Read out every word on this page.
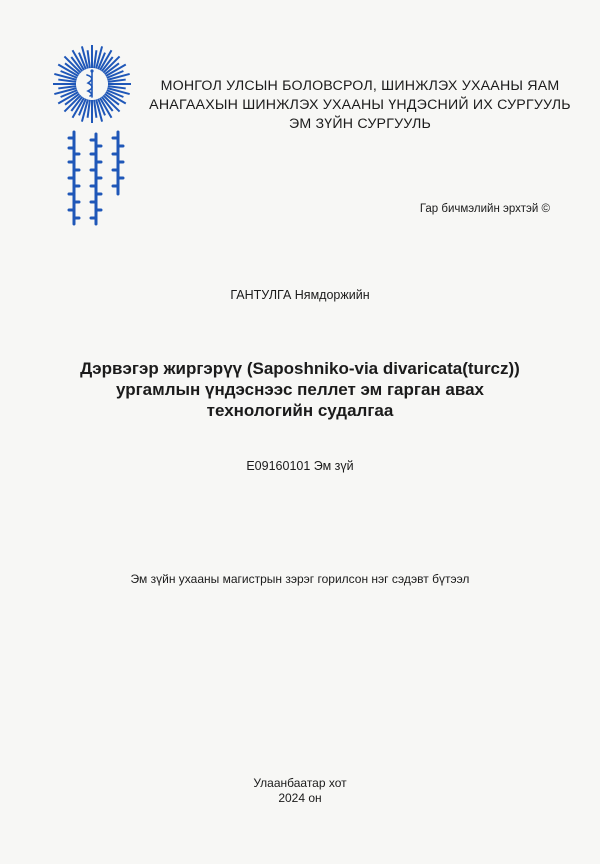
МОНГОЛ УЛСЫН БОЛОВСРОЛ, ШИНЖЛЭХ УХААНЫ ЯАМ
АНАГААХЫН ШИНЖЛЭХ УХААНЫ ҮНДЭСНИЙ ИХ СУРГУУЛЬ
ЭМ ЗҮЙН СУРГУУЛЬ
Гар бичмэлийн эрхтэй ©
ГАНТУЛГА Нямдоржийн
Дэрвэгэр жиргэрүү (Saposhniko-via divaricata(turcz))
ургамлын үндэснээс пеллет эм гарган авах
технологийн судалгаа
E09160101 Эм зүй
Эм зүйн ухааны магистрын зэрэг горилсон нэг сэдэвт бүтээл
Улаанбаатар хот
2024 он
